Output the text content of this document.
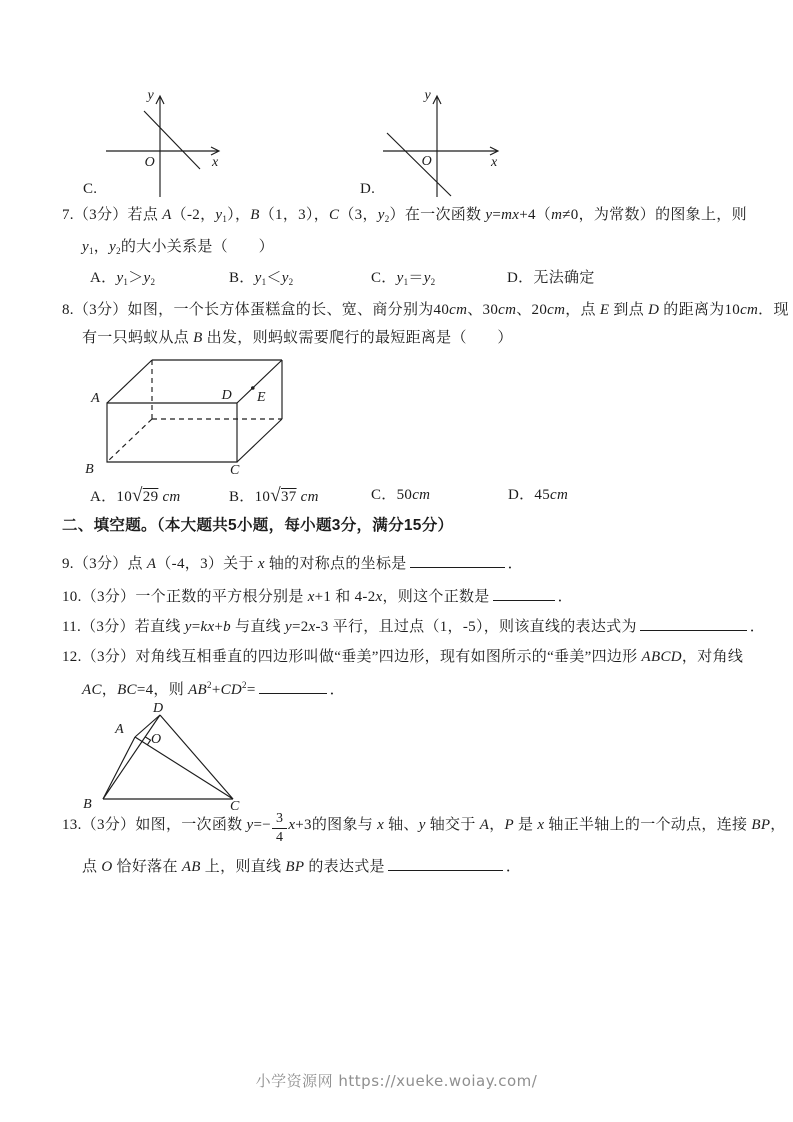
y
x
O
C.
y
x
O
D.
7.（3分）若点 A（-2，$y_1$），B（1，3），C（3，$y_2$）在一次函数 y=mx+4（m≠0，为常数）的图象上，则
$y_1$，$y_2$的大小关系是（　　）
A．$y_1>y_2$	B．$y_1<y_2$	C．$y_1=y_2$	D．无法确定
8.（3分）如图，一个长方体蛋糕盒的长、宽、商分别为40cm、30cm、20cm，点 E 到点 D 的距离为10cm．现
有一只蚂蚁从点 B 出发，则蚂蚁需要爬行的最短距离是（　　）
A
B	C
D E
A．10√29 cm	B．10√37 cm	C．50cm	D．45cm
二、填空题。（本大题共5小题，每小题3分，满分15分）
9.（3分）点 A（-4，3）关于 x 轴的对称点的坐标是	．
10.（3分）一个正数的平方根分别是 x+1 和 4-2x，则这个正数是	．
11.（3分）若直线 y=kx+b 与直线 y=2x-3 平行，且过点（1，-5），则该直线的表达式为	．
12.（3分）对角线互相垂直的四边形叫做“垂美”四边形，现有如图所示的“垂美”四边形 ABCD，对角线
AC，BC=4，则 $AB^2+CD^2=$	．
A
B	C
D
O
13.（3分）如图，一次函数 $y=- \frac{3}{4} x+3$的图象与 x 轴、y 轴交于 A，P 是 x 轴正半轴上的一个动点，连接 BP，
点 O 恰好落在 AB 上，则直线 BP 的表达式是	．
小学资源网 https://xueke.woiay.com/
